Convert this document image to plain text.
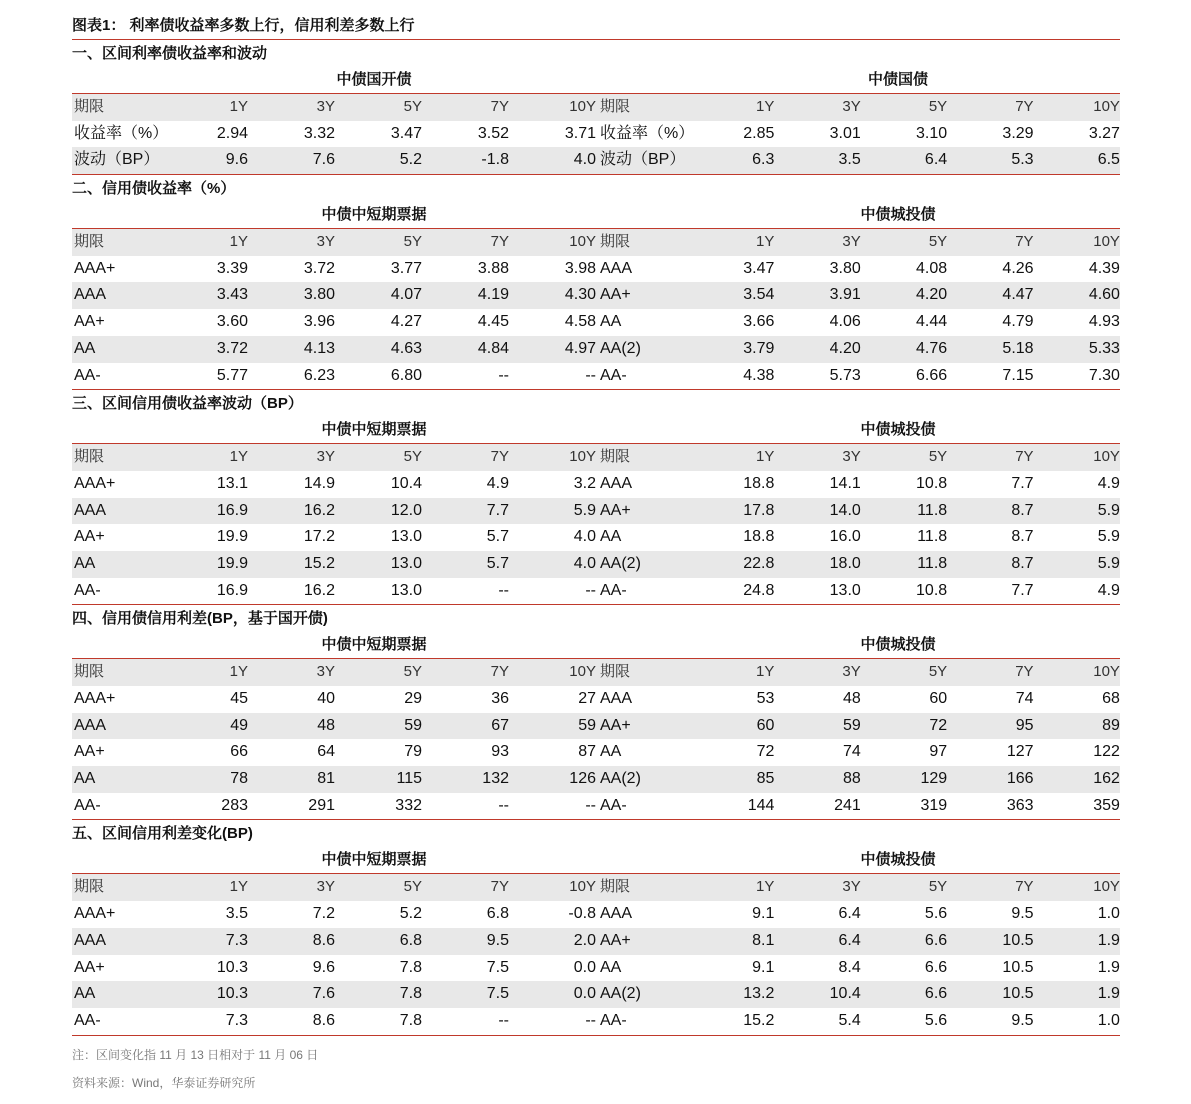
图表1： 利率债收益率多数上行，信用利差多数上行
一、区间利率债收益率和波动
中债国开债	中债国债
期限	1Y	3Y	5Y	7Y	10Y 期限	1Y	3Y	5Y	7Y	10Y
收益率（%）	2.94	3.32	3.47	3.52	3.71 收益率（%）	2.85	3.01	3.10	3.29	3.27
波动（BP）	9.6	7.6	5.2	-1.8	4.0 波动（BP）	6.3	3.5	6.4	5.3	6.5
二、信用债收益率（%）
中债中短期票据	中债城投债
期限	1Y	3Y	5Y	7Y	10Y 期限	1Y	3Y	5Y	7Y	10Y
AAA+	3.39	3.72	3.77	3.88	3.98 AAA	3.47	3.80	4.08	4.26	4.39
AAA	3.43	3.80	4.07	4.19	4.30 AA+	3.54	3.91	4.20	4.47	4.60
AA+	3.60	3.96	4.27	4.45	4.58 AA	3.66	4.06	4.44	4.79	4.93
AA	3.72	4.13	4.63	4.84	4.97 AA(2)	3.79	4.20	4.76	5.18	5.33
AA-	5.77	6.23	6.80	--	-- AA-	4.38	5.73	6.66	7.15	7.30
三、区间信用债收益率波动（BP）
中债中短期票据	中债城投债
期限	1Y	3Y	5Y	7Y	10Y 期限	1Y	3Y	5Y	7Y	10Y
AAA+	13.1	14.9	10.4	4.9	3.2 AAA	18.8	14.1	10.8	7.7	4.9
AAA	16.9	16.2	12.0	7.7	5.9 AA+	17.8	14.0	11.8	8.7	5.9
AA+	19.9	17.2	13.0	5.7	4.0 AA	18.8	16.0	11.8	8.7	5.9
AA	19.9	15.2	13.0	5.7	4.0 AA(2)	22.8	18.0	11.8	8.7	5.9
AA-	16.9	16.2	13.0	--	-- AA-	24.8	13.0	10.8	7.7	4.9
四、信用债信用利差(BP，基于国开债)
中债中短期票据	中债城投债
期限	1Y	3Y	5Y	7Y	10Y 期限	1Y	3Y	5Y	7Y	10Y
AAA+	45	40	29	36	27 AAA	53	48	60	74	68
AAA	49	48	59	67	59 AA+	60	59	72	95	89
AA+	66	64	79	93	87 AA	72	74	97	127	122
AA	78	81	115	132	126 AA(2)	85	88	129	166	162
AA-	283	291	332	--	-- AA-	144	241	319	363	359
五、区间信用利差变化(BP)
中债中短期票据	中债城投债
期限	1Y	3Y	5Y	7Y	10Y 期限	1Y	3Y	5Y	7Y	10Y
AAA+	3.5	7.2	5.2	6.8	-0.8 AAA	9.1	6.4	5.6	9.5	1.0
AAA	7.3	8.6	6.8	9.5	2.0 AA+	8.1	6.4	6.6	10.5	1.9
AA+	10.3	9.6	7.8	7.5	0.0 AA	9.1	8.4	6.6	10.5	1.9
AA	10.3	7.6	7.8	7.5	0.0 AA(2)	13.2	10.4	6.6	10.5	1.9
AA-	7.3	8.6	7.8	--	-- AA-	15.2	5.4	5.6	9.5	1.0
注：区间变化指 11 月 13 日相对于 11 月 06 日
资料来源：Wind，华泰证券研究所
